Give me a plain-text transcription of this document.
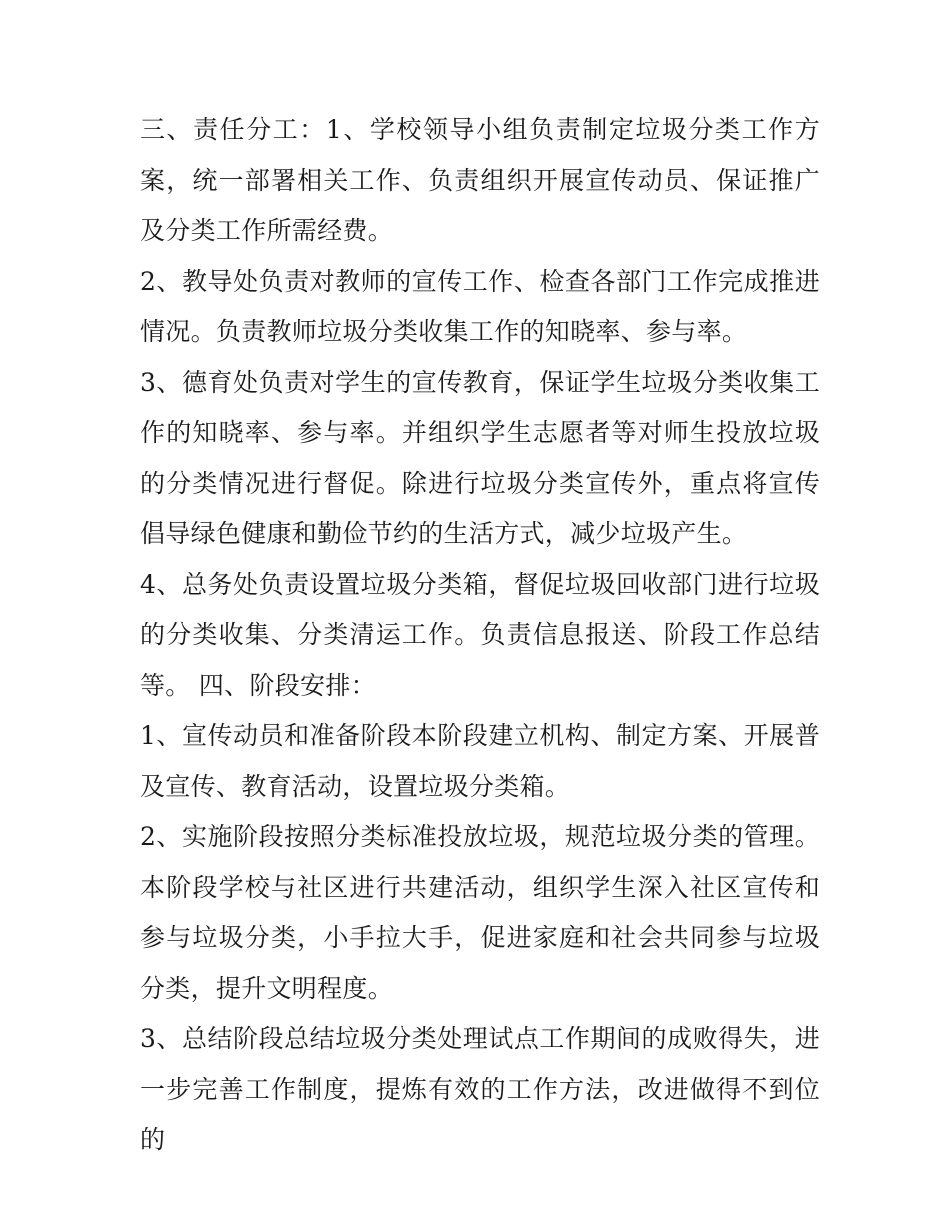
三、责任分工：1、学校领导小组负责制定垃圾分类工作方案，统一部署相关工作、负责组织开展宣传动员、保证推广及分类工作所需经费。

2、教导处负责对教师的宣传工作、检查各部门工作完成推进情况。负责教师垃圾分类收集工作的知晓率、参与率。

3、德育处负责对学生的宣传教育，保证学生垃圾分类收集工作的知晓率、参与率。并组织学生志愿者等对师生投放垃圾的分类情况进行督促。除进行垃圾分类宣传外，重点将宣传倡导绿色健康和勤俭节约的生活方式，减少垃圾产生。

4、总务处负责设置垃圾分类箱，督促垃圾回收部门进行垃圾的分类收集、分类清运工作。负责信息报送、阶段工作总结等。 四、阶段安排：

1、宣传动员和准备阶段本阶段建立机构、制定方案、开展普及宣传、教育活动，设置垃圾分类箱。

2、实施阶段按照分类标准投放垃圾，规范垃圾分类的管理。本阶段学校与社区进行共建活动，组织学生深入社区宣传和参与垃圾分类，小手拉大手，促进家庭和社会共同参与垃圾分类，提升文明程度。

3、总结阶段总结垃圾分类处理试点工作期间的成败得失，进一步完善工作制度，提炼有效的工作方法，改进做得不到位的
